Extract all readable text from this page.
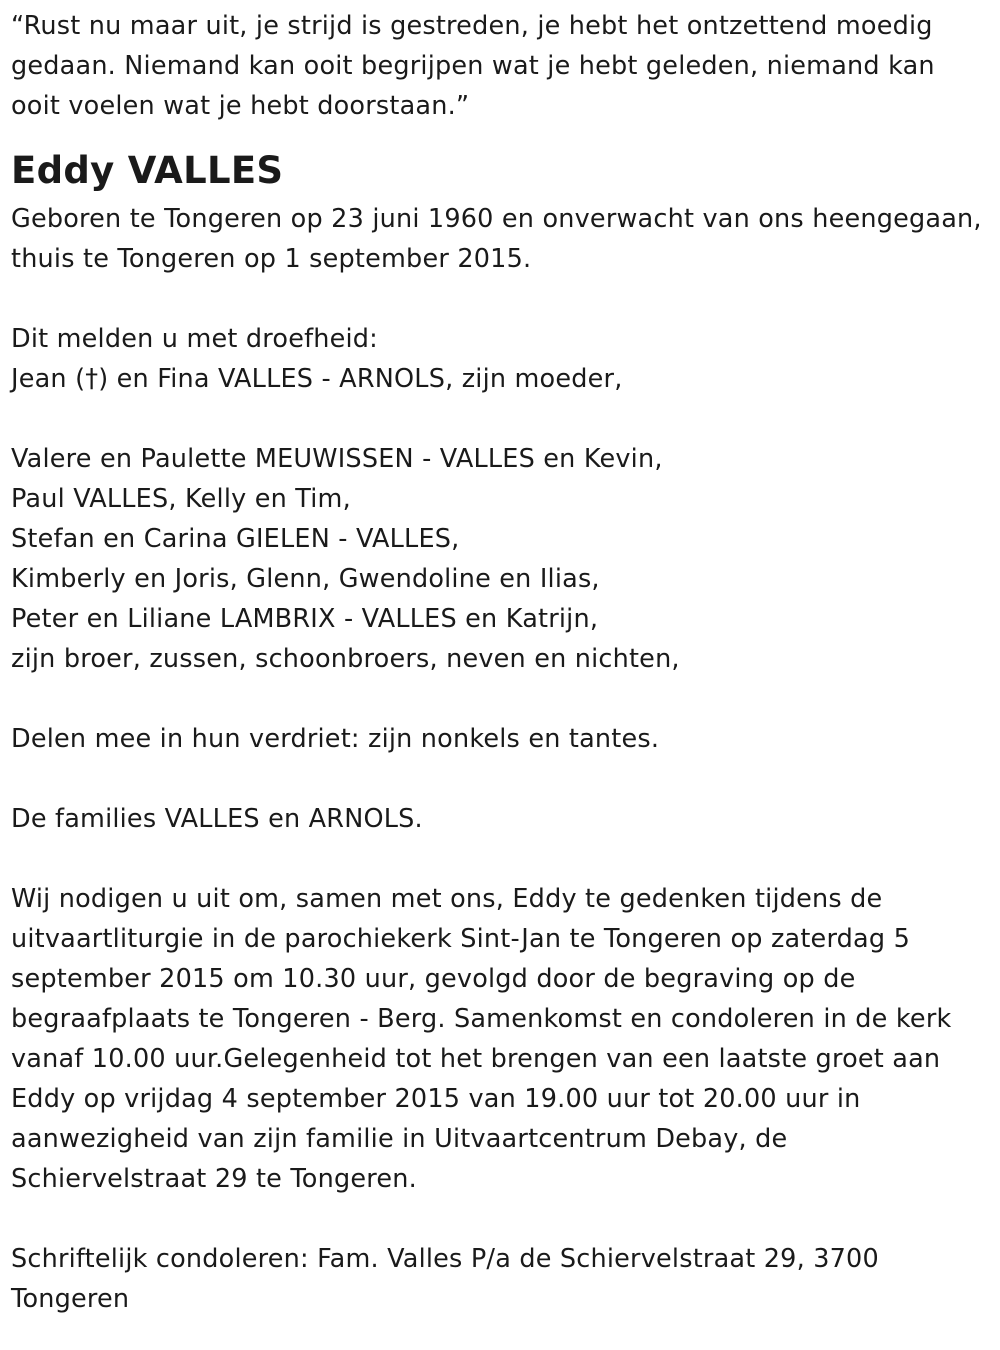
“Rust nu maar uit, je strijd is gestreden, je hebt het ontzettend moedig gedaan. Niemand kan ooit begrijpen wat je hebt geleden, niemand kan ooit voelen wat je hebt doorstaan.”

Eddy VALLES

Geboren te Tongeren op 23 juni 1960 en onverwacht van ons heengegaan, thuis te Tongeren op 1 september 2015.

Dit melden u met droefheid:
Jean (†) en Fina VALLES - ARNOLS, zijn moeder,
Valere en Paulette MEUWISSEN - VALLES en Kevin,
Paul VALLES, Kelly en Tim,
Stefan en Carina GIELEN - VALLES,
Kimberly en Joris, Glenn, Gwendoline en Ilias,
Peter en Liliane LAMBRIX - VALLES en Katrijn,
zijn broer, zussen, schoonbroers, neven en nichten,

Delen mee in hun verdriet: zijn nonkels en tantes.

De families VALLES en ARNOLS.

Wij nodigen u uit om, samen met ons, Eddy te gedenken tijdens de uitvaartliturgie in de parochiekerk Sint-Jan te Tongeren op zaterdag 5 september 2015 om 10.30 uur, gevolgd door de begraving op de begraafplaats te Tongeren - Berg. Samenkomst en condoleren in de kerk vanaf 10.00 uur.Gelegenheid tot het brengen van een laatste groet aan Eddy op vrijdag 4 september 2015 van 19.00 uur tot 20.00 uur in aanwezigheid van zijn familie in Uitvaartcentrum Debay, de Schiervelstraat 29 te Tongeren.

Schriftelijk condoleren: Fam. Valles P/a de Schiervelstraat 29, 3700 Tongeren
